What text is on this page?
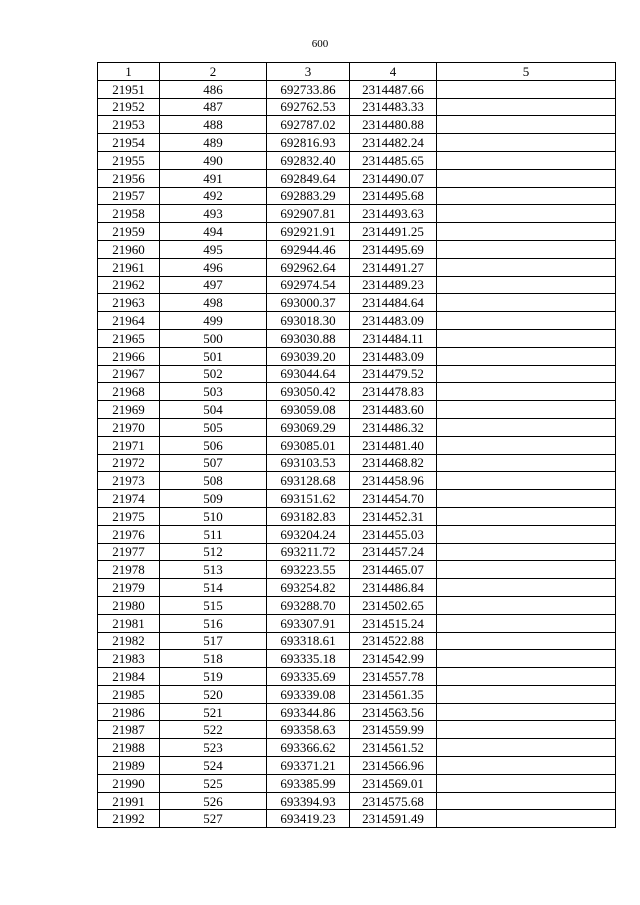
600
1	2	3	4	5
21951	486	692733.86	2314487.66	
21952	487	692762.53	2314483.33	
21953	488	692787.02	2314480.88	
21954	489	692816.93	2314482.24	
21955	490	692832.40	2314485.65	
21956	491	692849.64	2314490.07	
21957	492	692883.29	2314495.68	
21958	493	692907.81	2314493.63	
21959	494	692921.91	2314491.25	
21960	495	692944.46	2314495.69	
21961	496	692962.64	2314491.27	
21962	497	692974.54	2314489.23	
21963	498	693000.37	2314484.64	
21964	499	693018.30	2314483.09	
21965	500	693030.88	2314484.11	
21966	501	693039.20	2314483.09	
21967	502	693044.64	2314479.52	
21968	503	693050.42	2314478.83	
21969	504	693059.08	2314483.60	
21970	505	693069.29	2314486.32	
21971	506	693085.01	2314481.40	
21972	507	693103.53	2314468.82	
21973	508	693128.68	2314458.96	
21974	509	693151.62	2314454.70	
21975	510	693182.83	2314452.31	
21976	511	693204.24	2314455.03	
21977	512	693211.72	2314457.24	
21978	513	693223.55	2314465.07	
21979	514	693254.82	2314486.84	
21980	515	693288.70	2314502.65	
21981	516	693307.91	2314515.24	
21982	517	693318.61	2314522.88	
21983	518	693335.18	2314542.99	
21984	519	693335.69	2314557.78	
21985	520	693339.08	2314561.35	
21986	521	693344.86	2314563.56	
21987	522	693358.63	2314559.99	
21988	523	693366.62	2314561.52	
21989	524	693371.21	2314566.96	
21990	525	693385.99	2314569.01	
21991	526	693394.93	2314575.68	
21992	527	693419.23	2314591.49	
